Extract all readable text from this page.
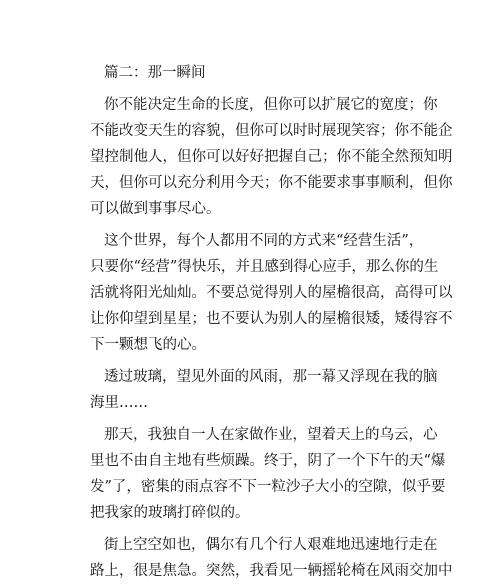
篇二：那一瞬间
你不能决定生命的长度，但你可以扩展它的宽度；你
不能改变天生的容貌，但你可以时时展现笑容；你不能企
望控制他人，但你可以好好把握自己；你不能全然预知明
天，但你可以充分利用今天；你不能要求事事顺利，但你
可以做到事事尽心。
这个世界，每个人都用不同的方式来“经营生活”，
只要你“经营”得快乐，并且感到得心应手，那么你的生
活就将阳光灿灿。不要总觉得别人的屋檐很高，高得可以
让你仰望到星星；也不要认为别人的屋檐很矮，矮得容不
下一颗想飞的心。
透过玻璃，望见外面的风雨，那一幕又浮现在我的脑
海里……
那天，我独自一人在家做作业，望着天上的乌云，心
里也不由自主地有些烦躁。终于，阴了一个下午的天“爆
发”了，密集的雨点容不下一粒沙子大小的空隙，似乎要
把我家的玻璃打碎似的。
街上空空如也，偶尔有几个行人艰难地迅速地行走在
路上，很是焦急。突然，我看见一辆摇轮椅在风雨交加中
